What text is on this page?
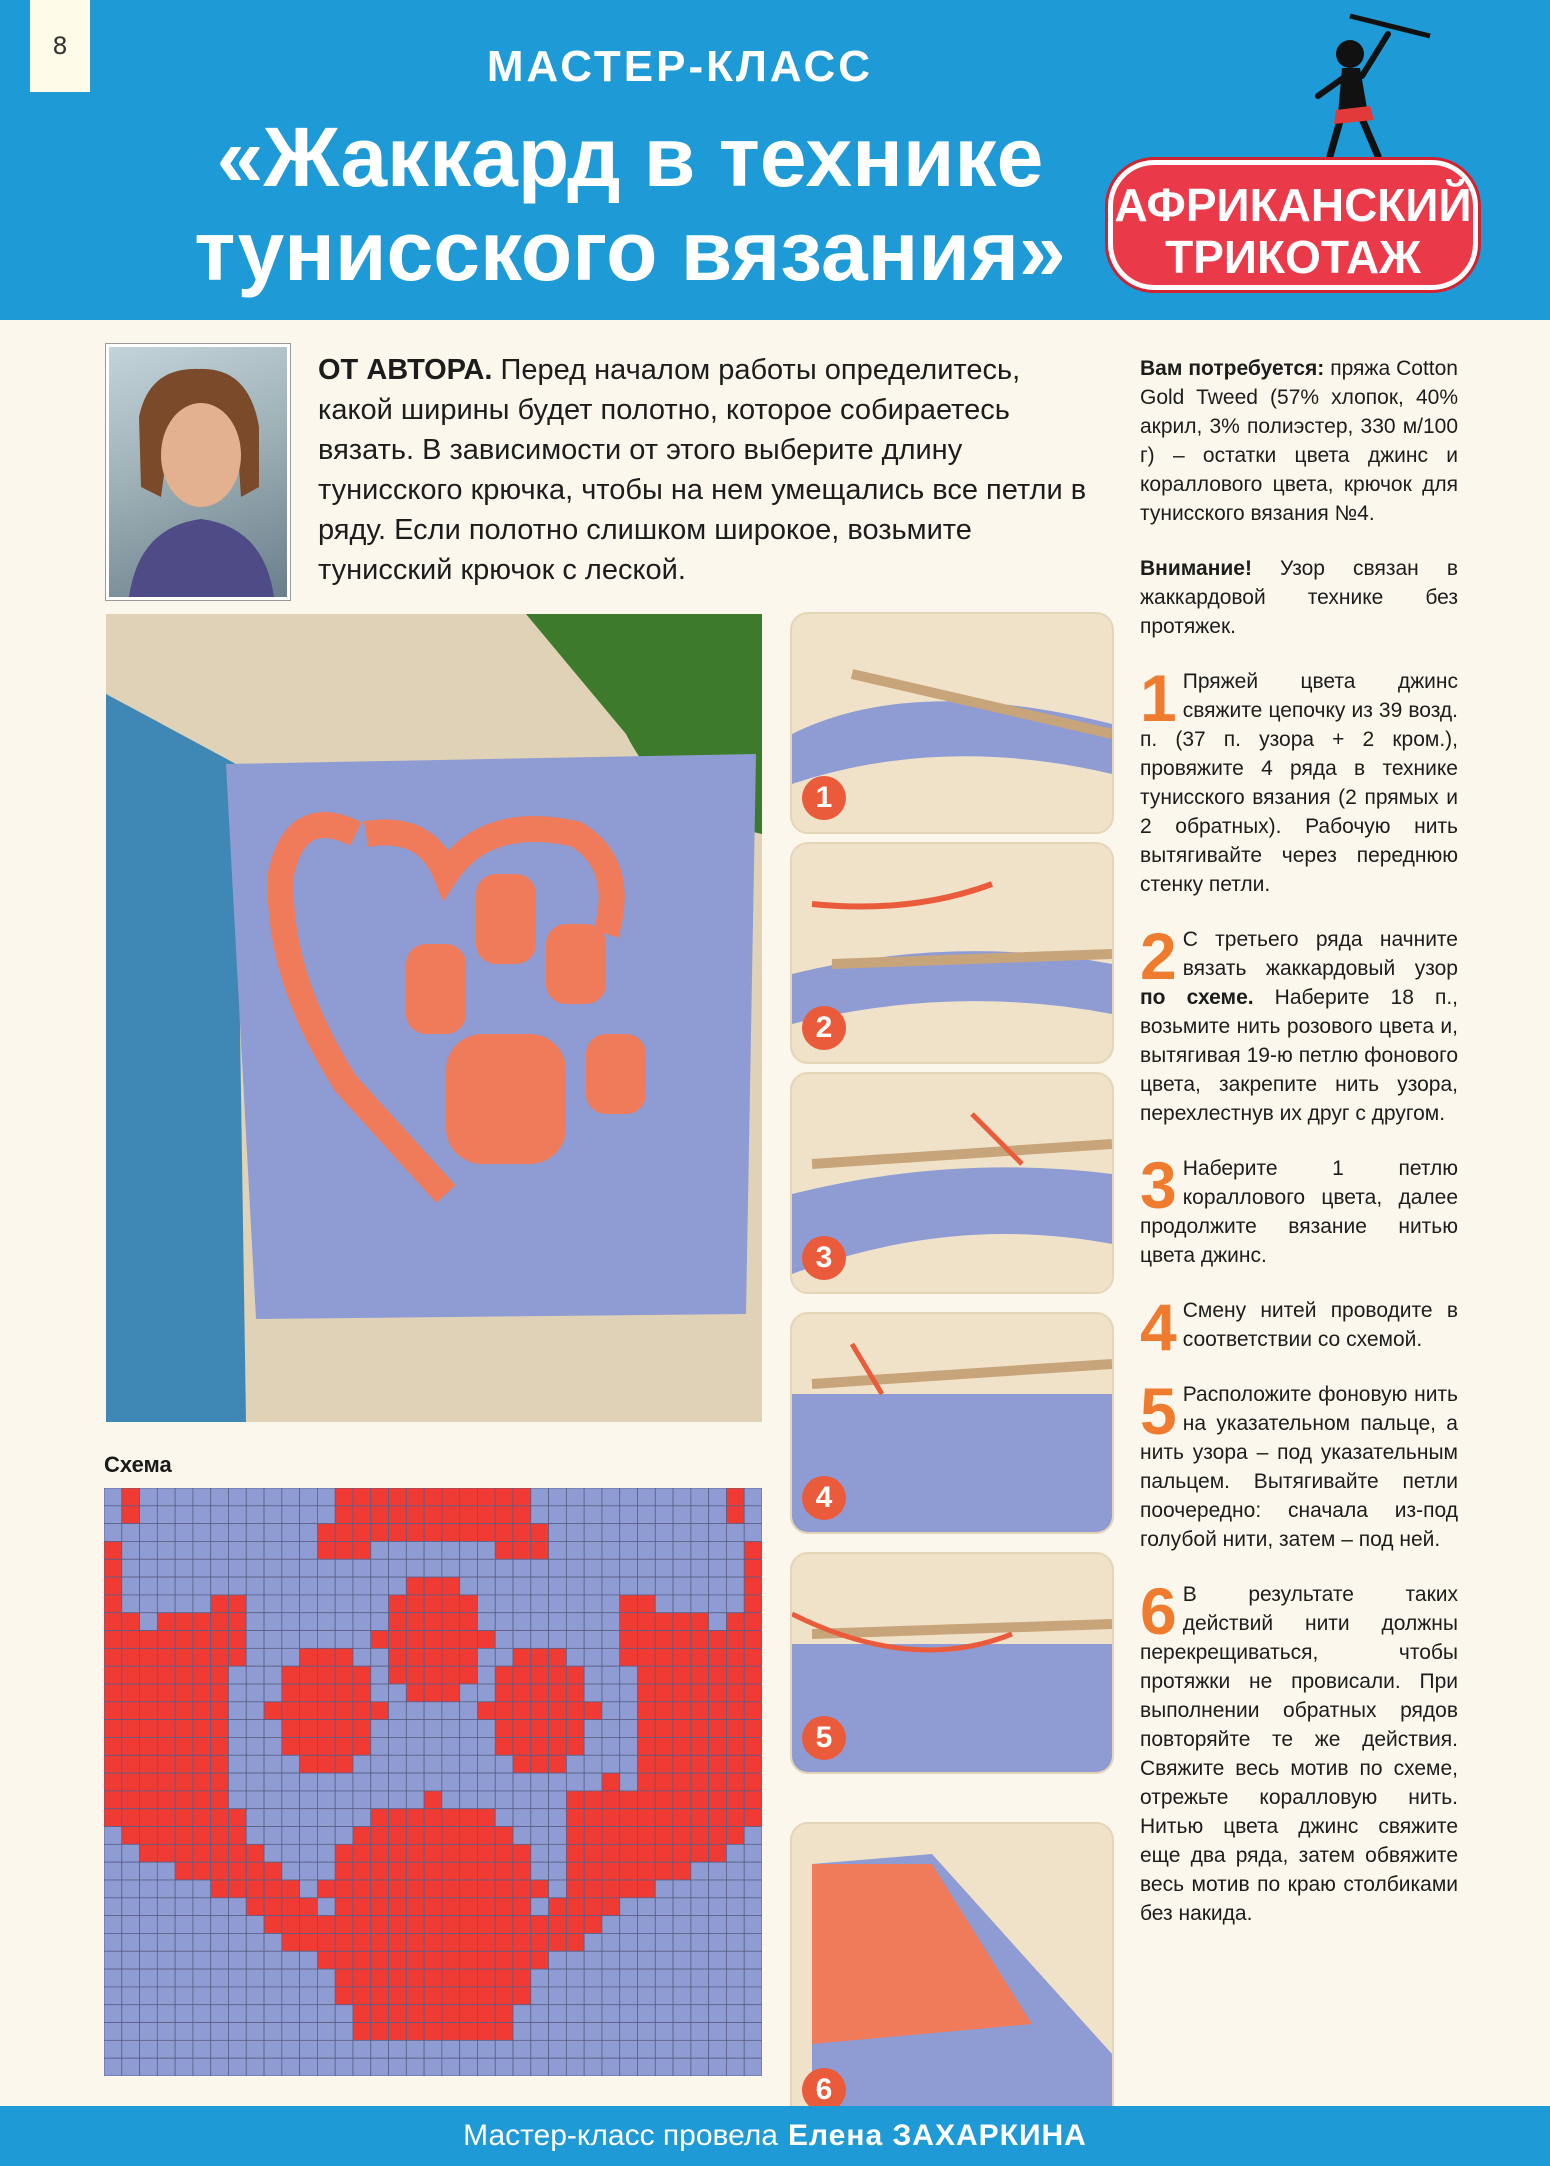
8	МАСТЕР-КЛАСС
«Жаккард в технике
тунисского вязания»	АФРИКАНСКИЙ
ТРИКОТАЖ
ОТ АВТОРА. Перед началом работы определитесь, какой ширины будет полотно, которое собираетесь вязать. В зависимости от этого выберите длину тунисского крючка, чтобы на нем умещались все петли в ряду. Если полотно слишком широкое, возьмите тунисский крючок с леской.
Схема
1
2
3
4
5
6

Вам потребуется: пряжа Cotton Gold Tweed (57% хлопок, 40% акрил, 3% полиэстер, 330 м/100 г) – остатки цвета джинс и кораллового цвета, крючок для тунисского вязания №4.

Внимание! Узор связан в жаккардовой технике без протяжек.

1 Пряжей цвета джинс свяжите цепочку из 39 возд. п. (37 п. узора + 2 кром.), провяжите 4 ряда в технике тунисского вязания (2 прямых и 2 обратных). Рабочую нить вытягивайте через переднюю стенку петли.

2 С третьего ряда начните вязать жаккардовый узор по схеме. Наберите 18 п., возьмите нить розового цвета и, вытягивая 19-ю петлю фонового цвета, закрепите нить узора, перехлестнув их друг с другом.

3 Наберите 1 петлю кораллового цвета, далее продолжите вязание нитью цвета джинс.

4 Смену нитей проводите в соответствии со схемой.

5 Расположите фоновую нить на указательном пальце, а нить узора – под указательным пальцем. Вытягивайте петли поочередно: сначала из-под голубой нити, затем – под ней.

6 В результате таких действий нити должны перекрещиваться, чтобы протяжки не провисали. При выполнении обратных рядов повторяйте те же действия. Свяжите весь мотив по схеме, отрежьте коралловую нить. Нитью цвета джинс свяжите еще два ряда, затем обвяжите весь мотив по краю столбиками без накида.

Мастер-класс провела Елена ЗАХАРКИНА
